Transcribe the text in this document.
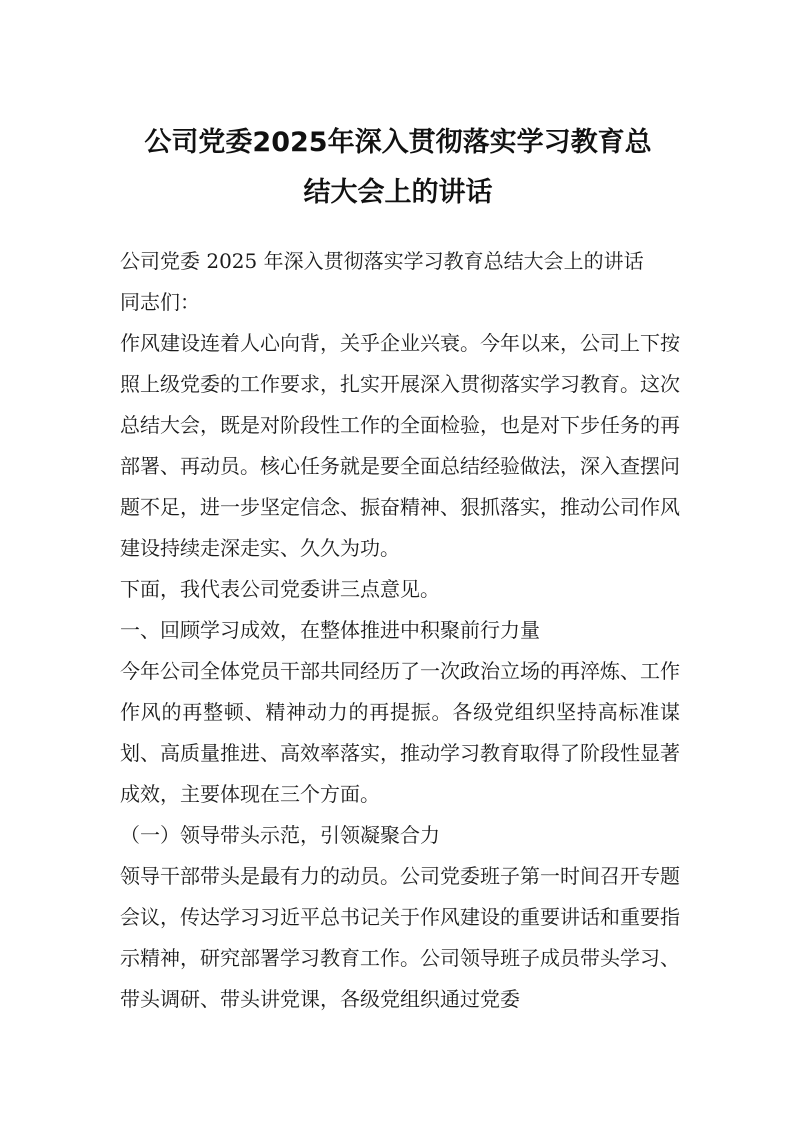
公司党委2025年深入贯彻落实学习教育总
结大会上的讲话

公司党委 2025 年深入贯彻落实学习教育总结大会上的讲话

同志们：

作风建设连着人心向背，关乎企业兴衰。今年以来，公司上下按照上级党委的工作要求，扎实开展深入贯彻落实学习教育。这次总结大会，既是对阶段性工作的全面检验，也是对下步任务的再部署、再动员。核心任务就是要全面总结经验做法，深入查摆问题不足，进一步坚定信念、振奋精神、狠抓落实，推动公司作风建设持续走深走实、久久为功。

下面，我代表公司党委讲三点意见。

一、回顾学习成效，在整体推进中积聚前行力量

今年公司全体党员干部共同经历了一次政治立场的再淬炼、工作作风的再整顿、精神动力的再提振。各级党组织坚持高标准谋划、高质量推进、高效率落实，推动学习教育取得了阶段性显著成效，主要体现在三个方面。

（一）领导带头示范，引领凝聚合力

领导干部带头是最有力的动员。公司党委班子第一时间召开专题会议，传达学习习近平总书记关于作风建设的重要讲话和重要指示精神，研究部署学习教育工作。公司领导班子成员带头学习、带头调研、带头讲党课，各级党组织通过党委
